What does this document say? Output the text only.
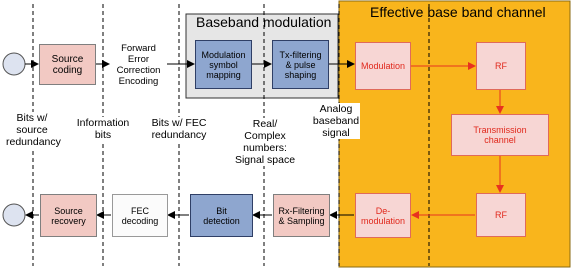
Baseband modulation
Effective base band channel
Source
coding
Forward
Error
Correction
Encoding
Modulation
symbol
mapping
Tx-filtering
& pulse
shaping
Modulation	RF
Transmission
channel
RF
De-
modulation
Rx-Filtering
& Sampling
Bit
detection
FEC
decoding
Source
recovery
Bits w/
source
redundancy
Information
bits
Bits w/ FEC
redundancy
Real/
Complex
numbers:
Signal space
Analog
baseband
signal
